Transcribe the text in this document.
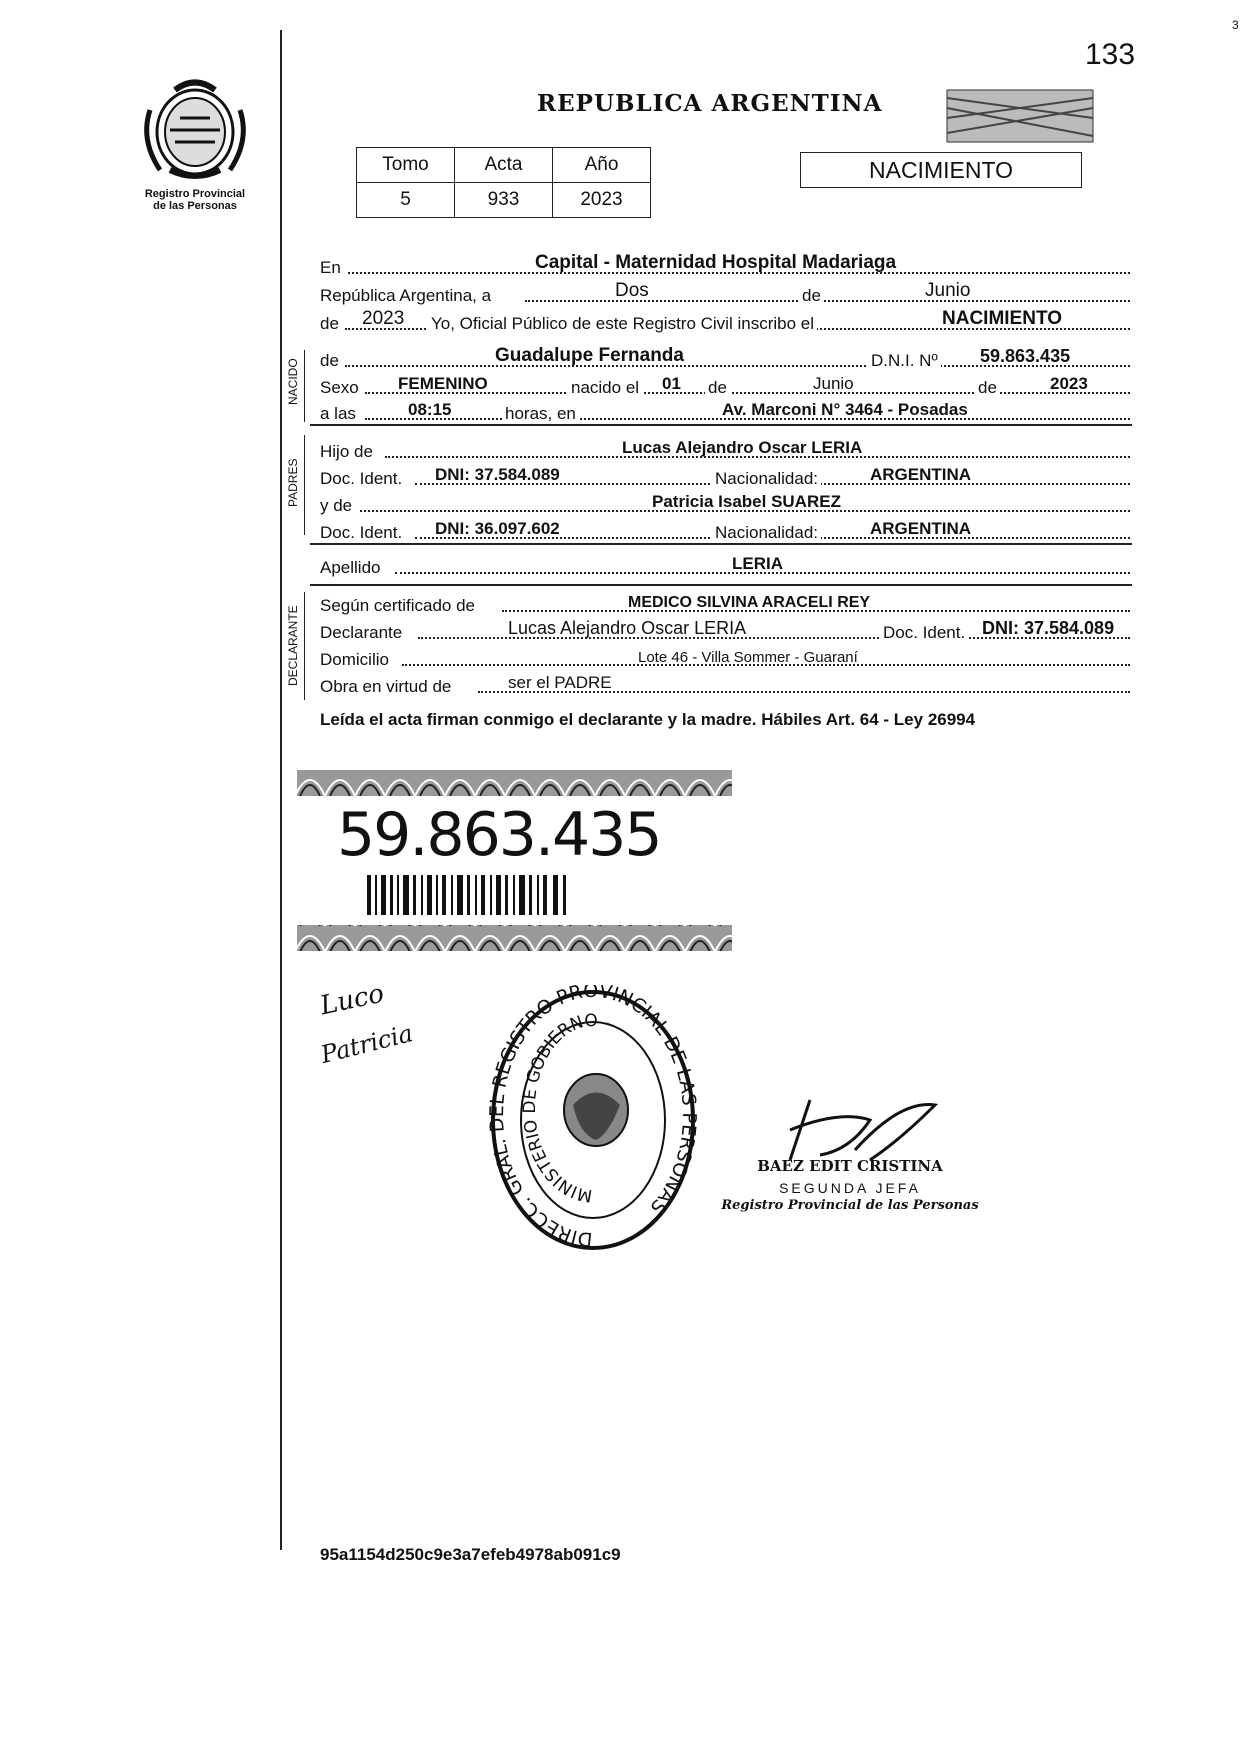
Registro Provincial
de las Personas
133
3
REPUBLICA ARGENTINA
Tomo	Acta	Año
5	933	2023
NACIMIENTO
En	Capital - Maternidad Hospital Madariaga
República Argentina, a	Dos	de	Junio
de 2023 Yo, Oficial Público de este Registro Civil inscribo el	NACIMIENTO
NACIDO de	Guadalupe Fernanda	D.N.I. Nº 59.863.435
Sexo FEMENINO	nacido el 01 de	Junio	de	2023
a las	08:15	horas, en	Av. Marconi N° 3464 - Posadas
PADRES
Hijo de	Lucas Alejandro Oscar LERIA
Doc. Ident. DNI: 37.584.089	Nacionalidad:	ARGENTINA
y de	Patricia Isabel SUAREZ
Doc. Ident. DNI: 36.097.602	Nacionalidad:	ARGENTINA
Apellido	LERIA
DECLARANTE Según certificado de	MEDICO SILVINA ARACELI REY
Declarante	Lucas Alejandro Oscar LERIA	Doc. Ident. DNI: 37.584.089
Domicilio	Lote 46 - Villa Sommer - Guaraní
Obra en virtud de	ser el PADRE
Leída el acta firman conmigo el declarante y la madre. Hábiles Art. 64 - Ley 26994
59.863.435
Luco
Patricia
DIRECC. GRAL. DEL REGISTRO PROVINCIAL DE LAS PERSONAS
MINISTERIO DE GOBIERNO
BAEZ EDIT CRISTINA
SEGUNDA JEFA
Registro Provincial de las Personas
95a1154d250c9e3a7efeb4978ab091c9
